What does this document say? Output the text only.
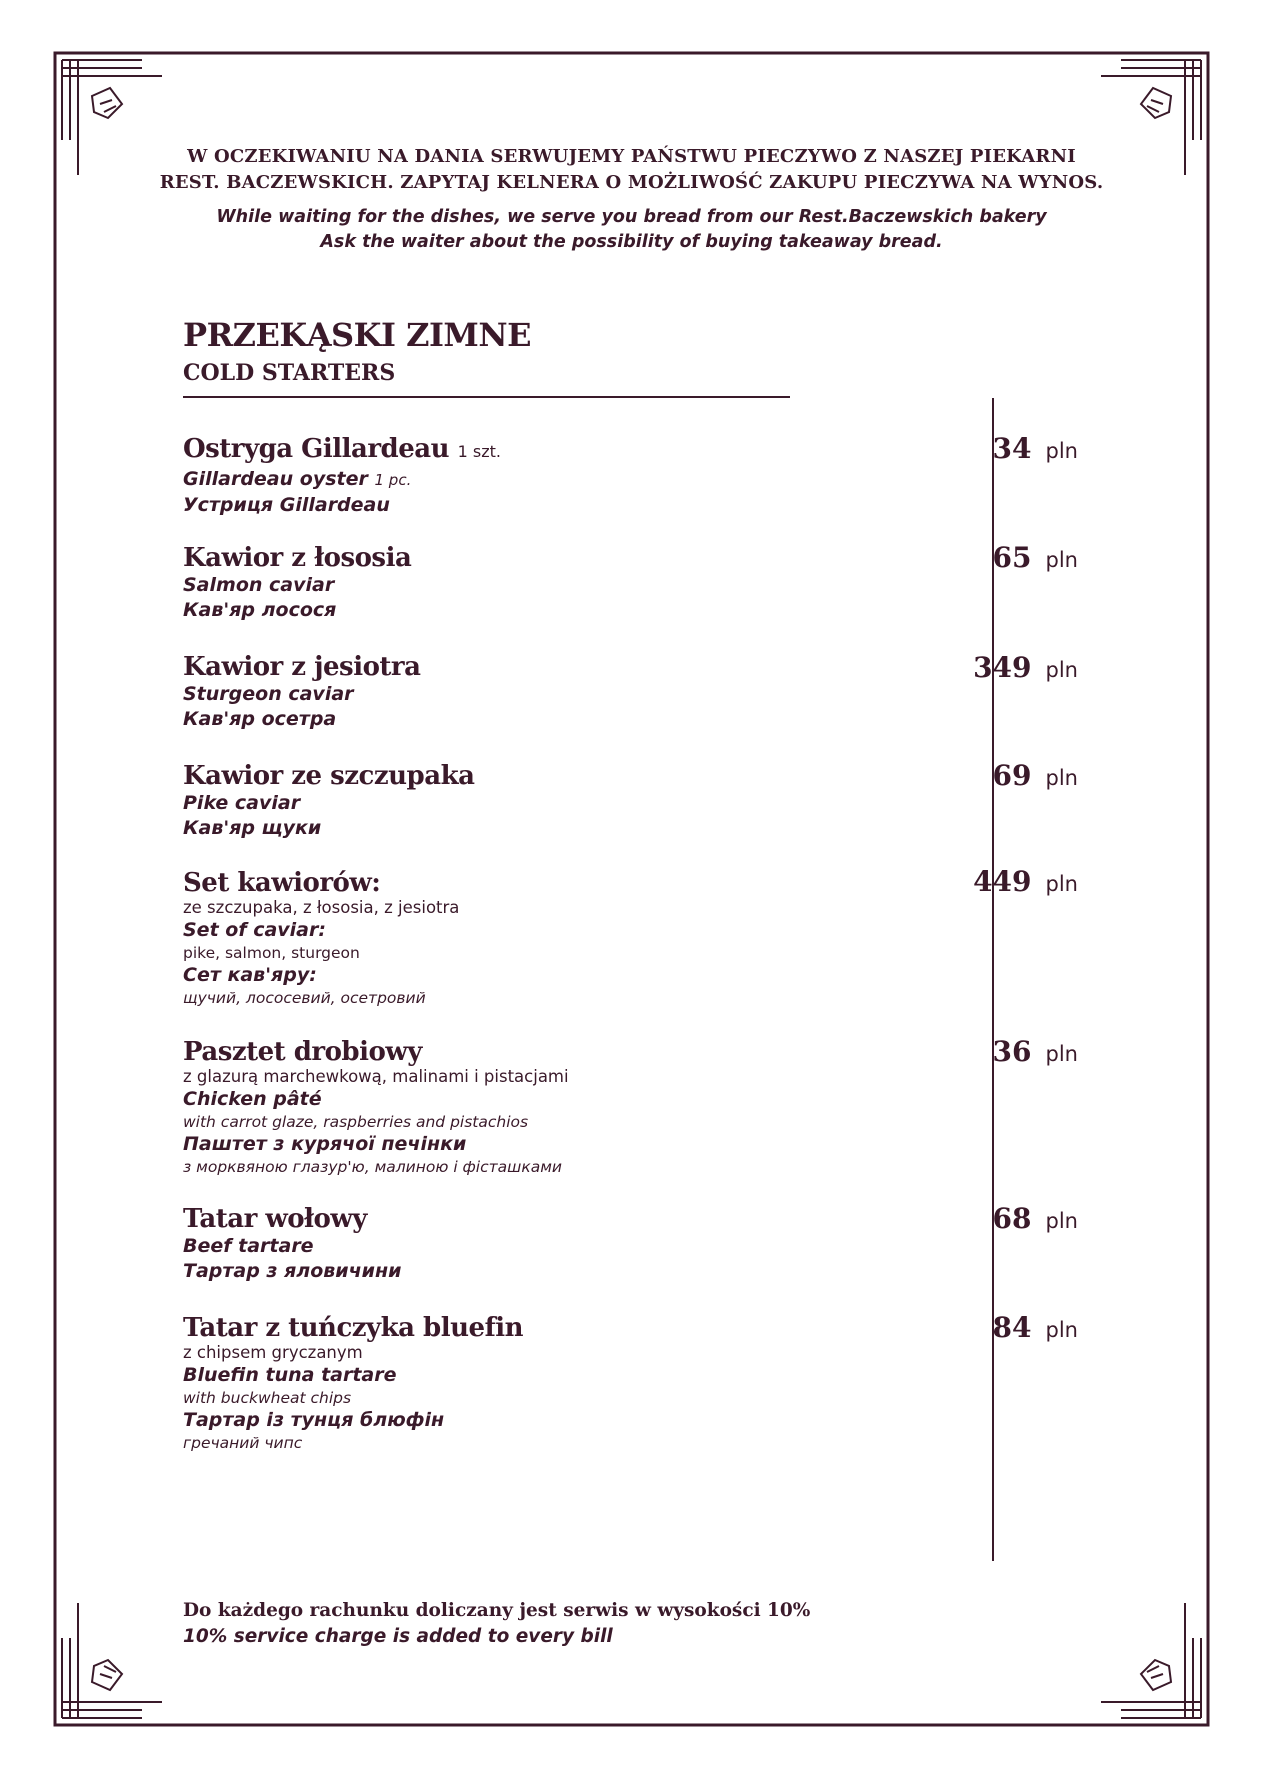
W OCZEKIWANIU NA DANIA SERWUJEMY PAŃSTWU PIECZYWO Z NASZEJ PIEKARNI
REST. BACZEWSKICH. ZAPYTAJ KELNERA O MOŻLIWOŚĆ ZAKUPU PIECZYWA NA WYNOS.
While waiting for the dishes, we serve you bread from our Rest.Baczewskich bakery
Ask the waiter about the possibility of buying takeaway bread.
PRZEKĄSKI ZIMNE
COLD STARTERS
Ostryga Gillardeau 1 szt.
Gillardeau oyster 1 pc.
Устриця Gillardeau
34 pln
Kawior z łososia
Salmon caviar
Кав'яр лосося
65 pln
Kawior z jesiotra
Sturgeon caviar
Кав'яр осетра
349 pln
Kawior ze szczupaka
Pike caviar
Кав'яр щуки
69 pln
Set kawiorów:
ze szczupaka, z łososia, z jesiotra
Set of caviar:
pike, salmon, sturgeon
Сет кав'яру:
щучий, лососевий, осетровий
449 pln
Pasztet drobiowy
z glazurą marchewkową, malinami i pistacjami
Chicken pâté
with carrot glaze, raspberries and pistachios
Паштет з курячої печінки
з морквяною глазур'ю, малиною і фісташками
36 pln
Tatar wołowy
Beef tartare
Тартар з яловичини
68 pln
Tatar z tuńczyka bluefin
z chipsem gryczanym
Bluefin tuna tartare
with buckwheat chips
Тартар із тунця блюфін
гречаний чипс
84 pln
Do każdego rachunku doliczany jest serwis w wysokości 10%
10% service charge is added to every bill
